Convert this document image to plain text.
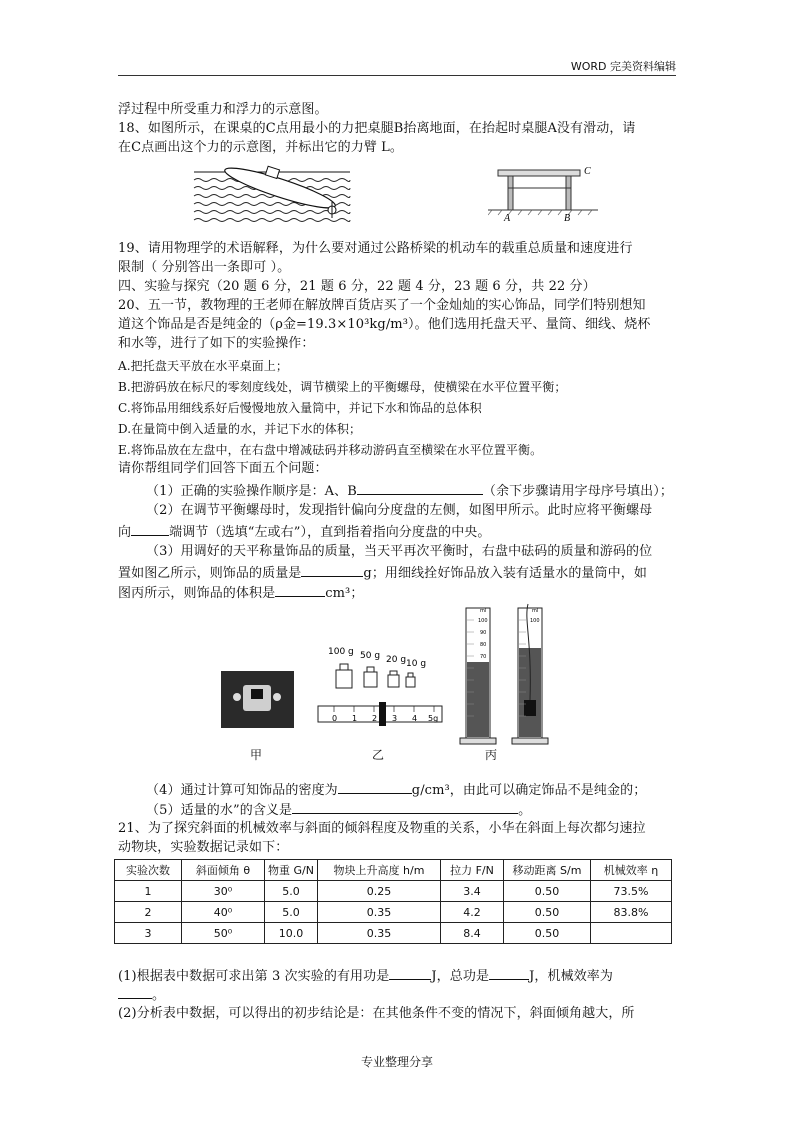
WORD 完美资料编辑
浮过程中所受重力和浮力的示意图。
18、如图所示，在课桌的C点用最小的力把桌腿B抬离地面，在抬起时桌腿A没有滑动，请
在C点画出这个力的示意图，并标出它的力臂 L。
C
A	B
19、请用物理学的术语解释，为什么要对通过公路桥梁的机动车的载重总质量和速度进行
限制（ 分别答出一条即可 ）。
四、实验与探究（20 题 6 分，21 题 6 分，22 题 4 分，23 题 6 分，共 22 分）
20、五一节，教物理的王老师在解放牌百货店买了一个金灿灿的实心饰品，同学们特别想知
道这个饰品是否是纯金的（ρ金=19.3×10³kg/m³）。他们选用托盘天平、量筒、细线、烧杯
和水等，进行了如下的实验操作：
A.把托盘天平放在水平桌面上；
B.把游码放在标尺的零刻度线处，调节横梁上的平衡螺母，使横梁在水平位置平衡；
C.将饰品用细线系好后慢慢地放入量筒中，并记下水和饰品的总体积
D.在量筒中倒入适量的水，并记下水的体积；
E.将饰品放在左盘中，在右盘中增减砝码并移动游码直至横梁在水平位置平衡。
请你帮组同学们回答下面五个问题：
（1）正确的实验操作顺序是：A、B	（余下步骤请用字母序号填出）；
（2）在调节平衡螺母时，发现指针偏向分度盘的左侧，如图甲所示。此时应将平衡螺母
向	端调节（选填“左或右”），直到指着指向分度盘的中央。
（3）用调好的天平称量饰品的质量，当天平再次平衡时，右盘中砝码的质量和游码的位
置如图乙所示，则饰品的质量是	g；用细线拴好饰品放入装有适量水的量筒中，如
图丙所示，则饰品的体积是	cm³；
100 g 50 g 20 g 10 g
0 1 2 3 4 5g
ml
100
90
80
70
ml
100
甲	乙	丙
（4）通过计算可知饰品的密度为	g/cm³，由此可以确定饰品不是纯金的；
（5）适量的水”的含义是	。
21、为了探究斜面的机械效率与斜面的倾斜程度及物重的关系，小华在斜面上每次都匀速拉
动物块，实验数据记录如下：
实验次数	斜面倾角 θ	物重 G/N	物块上升高度 h/m	拉力 F/N	移动距离 S/m	机械效率 η
1	30⁰	5.0	0.25	3.4	0.50	73.5%
2	40⁰	5.0	0.35	4.2	0.50	83.8%
3	50⁰	10.0	0.35	8.4	0.50	
(1)根据表中数据可求出第 3 次实验的有用功是	J，总功是	J，机械效率为
。
(2)分析表中数据，可以得出的初步结论是：在其他条件不变的情况下，斜面倾角越大，所
专业整理分享
